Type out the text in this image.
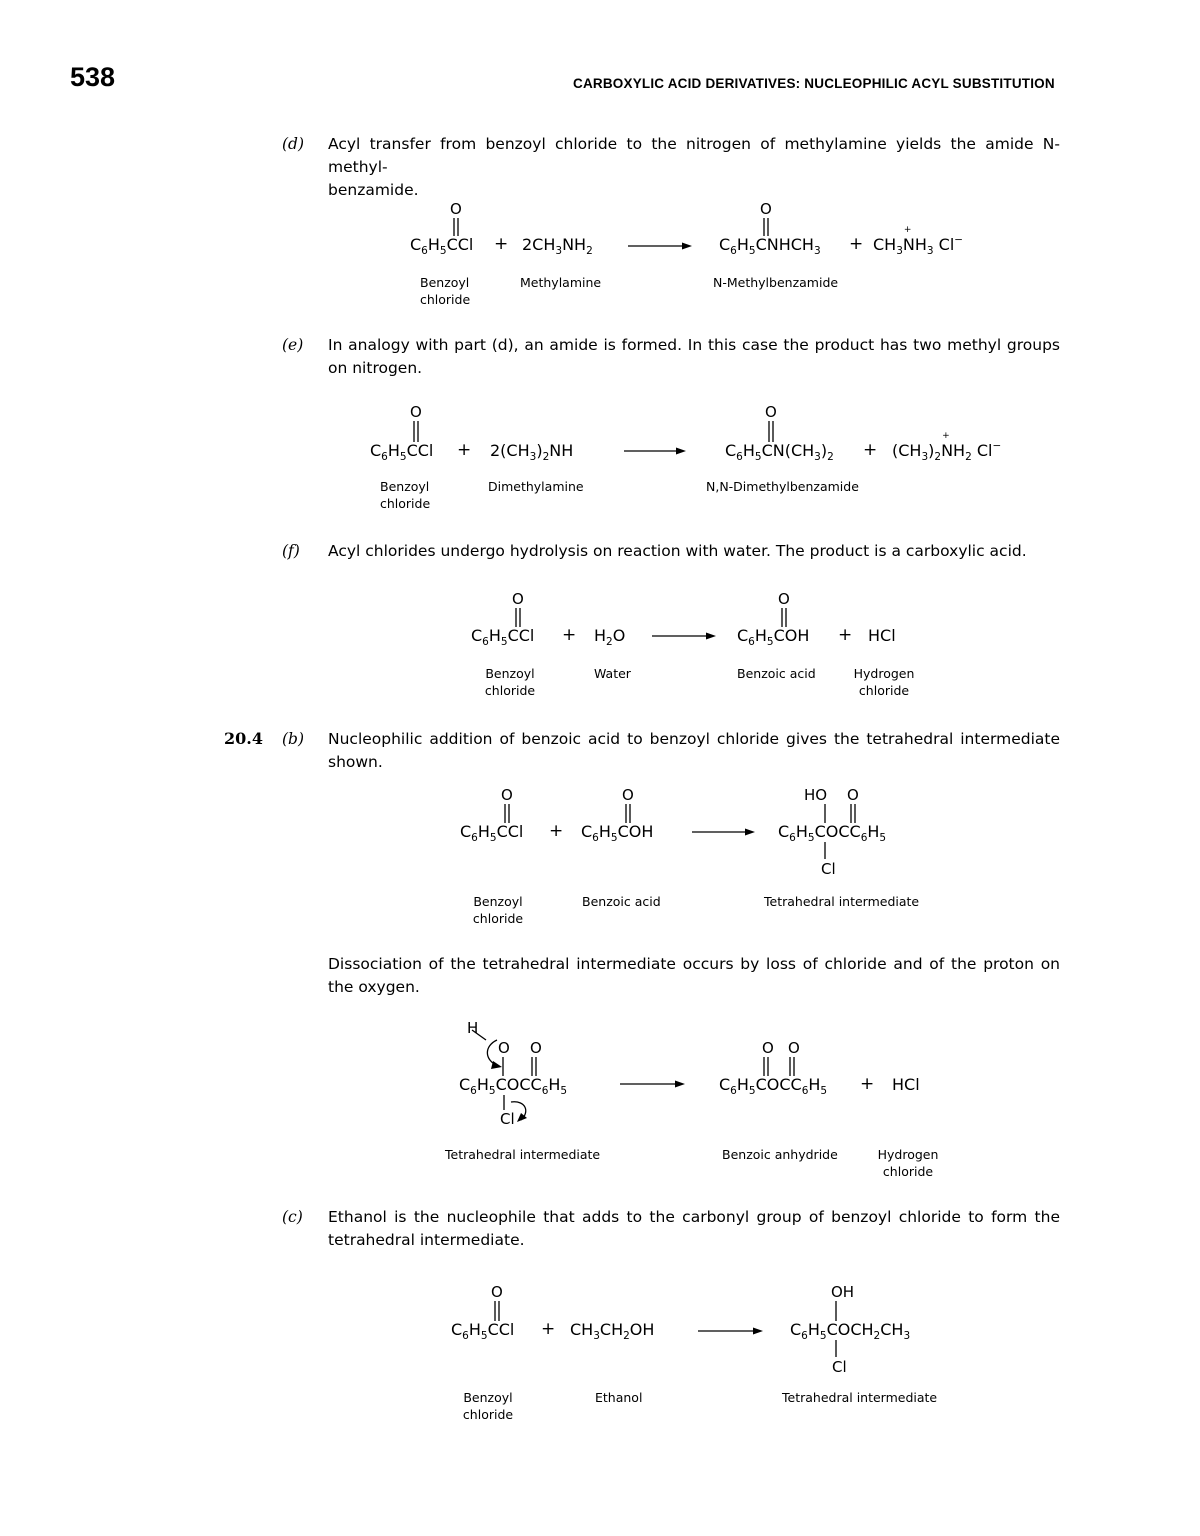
538	CARBOXYLIC ACID DERIVATIVES: NUCLEOPHILIC ACYL SUBSTITUTION
(d) Acyl transfer from benzoyl chloride to the nitrogen of methylamine yields the amide N-methyl-
benzamide.
O
$C_6H_5CCl + 2CH_3NH_2$
O
$C_6H_5CNHCH_3 + CH_3+ NH_3$ Cl−
Benzoyl
chloride
Methylamine	N-Methylbenzamide
(e) In analogy with part (d), an amide is formed. In this case the product has two methyl groups on nitrogen.
O
$C_6H_5CCl + 2(CH_3)_2NH$
O
$C_6H_5CN(CH_3)_2 + (CH_3)_2+ NH_2$ Cl−
Benzoyl
chloride
Dimethylamine	N,N-Dimethylbenzamide
(f) Acyl chlorides undergo hydrolysis on reaction with water. The product is a carboxylic acid.
O
$C_6H_5CCl + H_2O$
O
$C_6H_5COH$ + HCl
Benzoyl
chloride
Water	Benzoic acid	Hydrogen
chloride
20.4 (b) Nucleophilic addition of benzoic acid to benzoyl chloride gives the tetrahedral intermediate shown.
O
$C_6H_5CCl$ +
O
$C_6H_5COH$
HO O
$C_6H_5COCC_6H_5$
Cl
Benzoyl
chloride
Benzoic acid	Tetrahedral intermediate
Dissociation of the tetrahedral intermediate occurs by loss of chloride and of the proton on the oxygen.
H
O O
$C_6H_5COCC_6H_5$
Cl
O O
$C_6H_5COCC_6H_5$ + HCl
Tetrahedral intermediate	Benzoic anhydride	Hydrogen
chloride
(c) Ethanol is the nucleophile that adds to the carbonyl group of benzoyl chloride to form the tetrahedral intermediate.
O
$C_6H_5CCl + CH_3CH_2OH$
OH
$C_6H_5COCH_2CH_3$
Cl
Benzoyl
chloride
Ethanol	Tetrahedral intermediate
